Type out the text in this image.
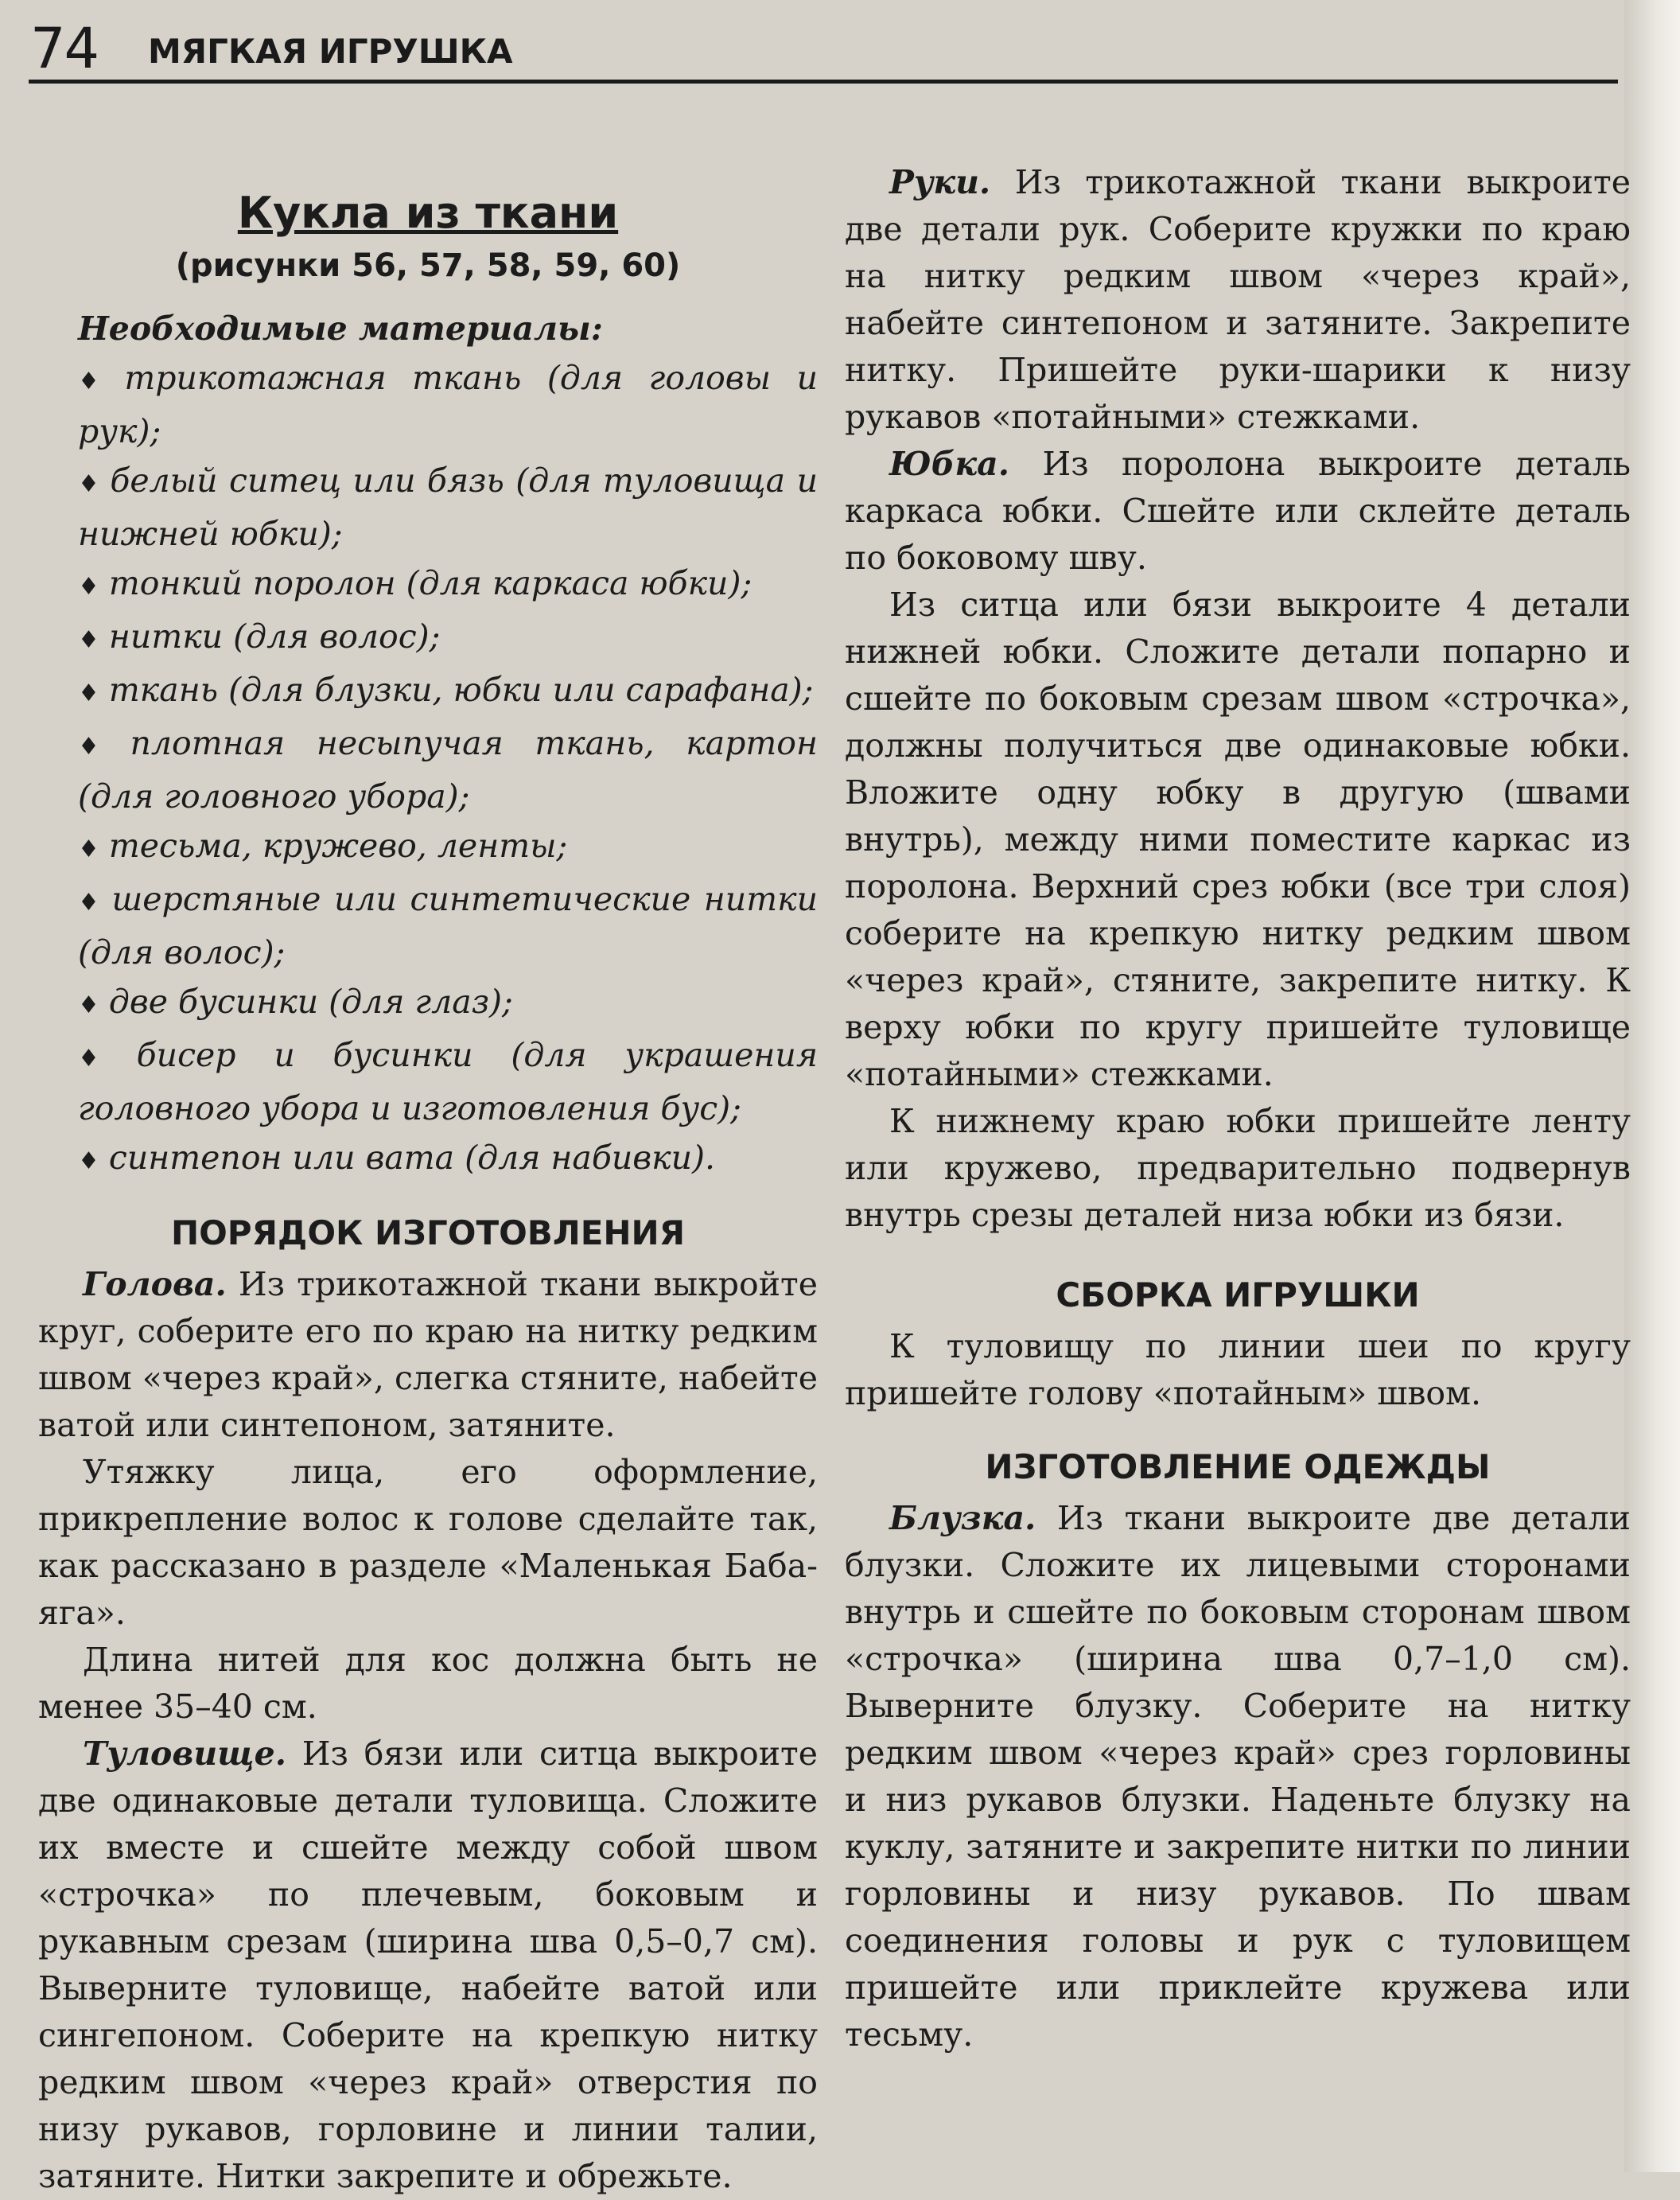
74 МЯГКАЯ ИГРУШКА
Кукла из ткани
(рисунки 56, 57, 58, 59, 60)
Необходимые материалы:
♦ трикотажная ткань (для головы и рук);
♦ белый ситец или бязь (для туловища и нижней юбки);
♦ тонкий поролон (для каркаса юбки);
♦ нитки (для волос);
♦ ткань (для блузки, юбки или сарафана);
♦ плотная несыпучая ткань, картон (для головного убора);
♦ тесьма, кружево, ленты;
♦ шерстяные или синтетические нитки (для волос);
♦ две бусинки (для глаз);
♦ бисер и бусинки (для украшения головного убора и изготовления бус);
♦ синтепон или вата (для набивки).
ПОРЯДОК ИЗГОТОВЛЕНИЯ

Голова. Из трикотажной ткани выкройте круг, соберите его по краю на нитку редким швом «через край», слегка стяните, набейте ватой или синтепоном, затяните.

Утяжку лица, его оформление, прикрепление волос к голове сделайте так, как рассказано в разделе «Маленькая Баба-яга».

Длина нитей для кос должна быть не менее 35–40 см.

Туловище. Из бязи или ситца выкроите две одинаковые детали туловища. Сложите их вместе и сшейте между собой швом «строчка» по плечевым, боковым и рукавным срезам (ширина шва 0,5–0,7 см). Выверните туловище, набейте ватой или сингепоном. Соберите на крепкую нитку редким швом «через край» отверстия по низу рукавов, горловине и линии талии, затяните. Нитки закрепите и обрежьте.

Руки. Из трикотажной ткани выкроите две детали рук. Соберите кружки по краю на нитку редким швом «через край», набейте синтепоном и затяните. Закрепите нитку. Пришейте руки-шарики к низу рукавов «потайными» стежками.

Юбка. Из поролона выкроите деталь каркаса юбки. Сшейте или склейте деталь по боковому шву.

Из ситца или бязи выкроите 4 детали нижней юбки. Сложите детали попарно и сшейте по боковым срезам швом «строчка», должны получиться две одинаковые юбки. Вложите одну юбку в другую (швами внутрь), между ними поместите каркас из поролона. Верхний срез юбки (все три слоя) соберите на крепкую нитку редким швом «через край», стяните, закрепите нитку. К верху юбки по кругу пришейте туловище «потайными» стежками.

К нижнему краю юбки пришейте ленту или кружево, предварительно подвернув внутрь срезы деталей низа юбки из бязи.

СБОРКА ИГРУШКИ

К туловищу по линии шеи по кругу пришейте голову «потайным» швом.

ИЗГОТОВЛЕНИЕ ОДЕЖДЫ

Блузка. Из ткани выкроите две детали блузки. Сложите их лицевыми сторонами внутрь и сшейте по боковым сторонам швом «строчка» (ширина шва 0,7–1,0 см). Выверните блузку. Соберите на нитку редким швом «через край» срез горловины и низ рукавов блузки. Наденьте блузку на куклу, затяните и закрепите нитки по линии горловины и низу рукавов. По швам соединения головы и рук с туловищем пришейте или приклейте кружева или тесьму.
